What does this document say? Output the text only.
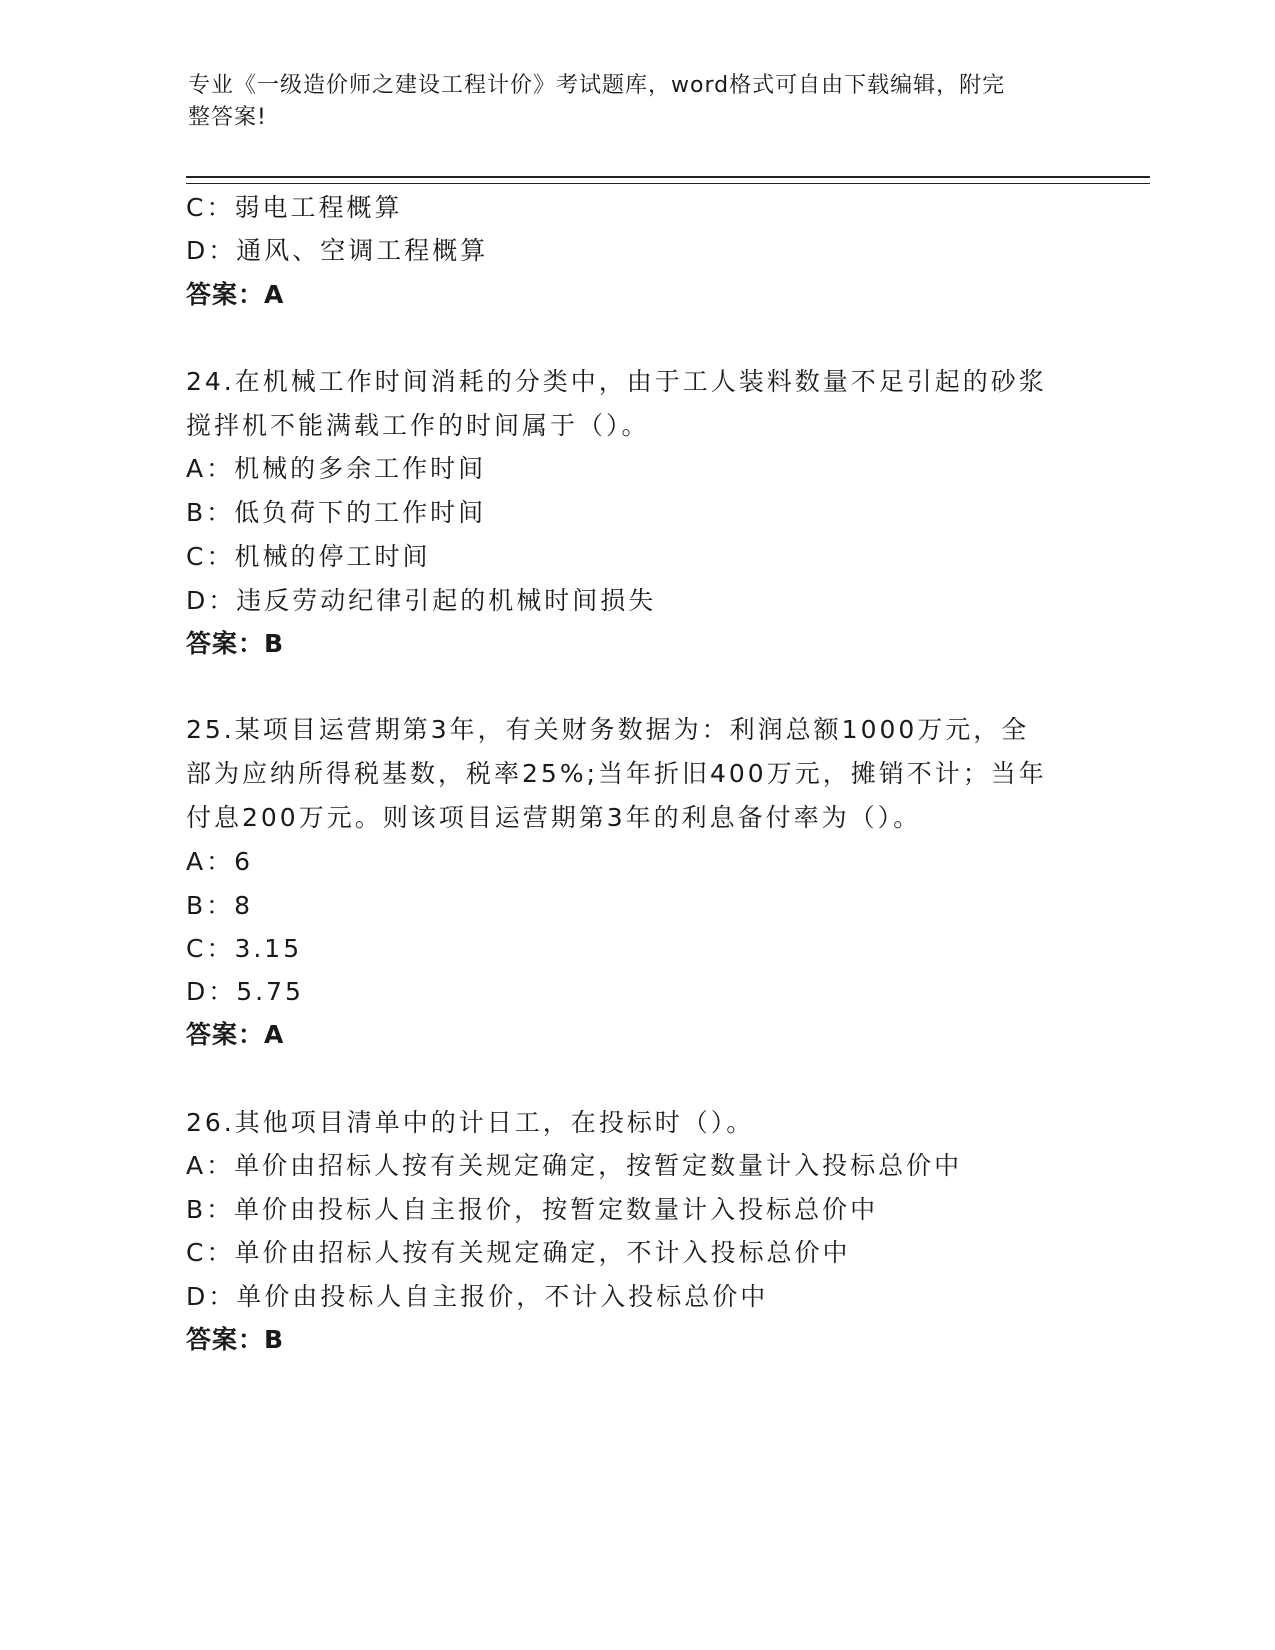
专业《一级造价师之建设工程计价》考试题库，word格式可自由下载编辑，附完
整答案!
C：弱电工程概算
D：通风、空调工程概算
答案：A
24.在机械工作时间消耗的分类中，由于工人装料数量不足引起的砂浆
搅拌机不能满载工作的时间属于（）。
A：机械的多余工作时间
B：低负荷下的工作时间
C：机械的停工时间
D：违反劳动纪律引起的机械时间损失
答案：B
25.某项目运营期第3年，有关财务数据为：利润总额1000万元，全
部为应纳所得税基数，税率25%;当年折旧400万元，摊销不计；当年
付息200万元。则该项目运营期第3年的利息备付率为（）。
A：6
B：8
C：3.15
D：5.75
答案：A
26.其他项目清单中的计日工，在投标时（）。
A：单价由招标人按有关规定确定，按暂定数量计入投标总价中
B：单价由投标人自主报价，按暂定数量计入投标总价中
C：单价由招标人按有关规定确定，不计入投标总价中
D：单价由投标人自主报价，不计入投标总价中
答案：B
